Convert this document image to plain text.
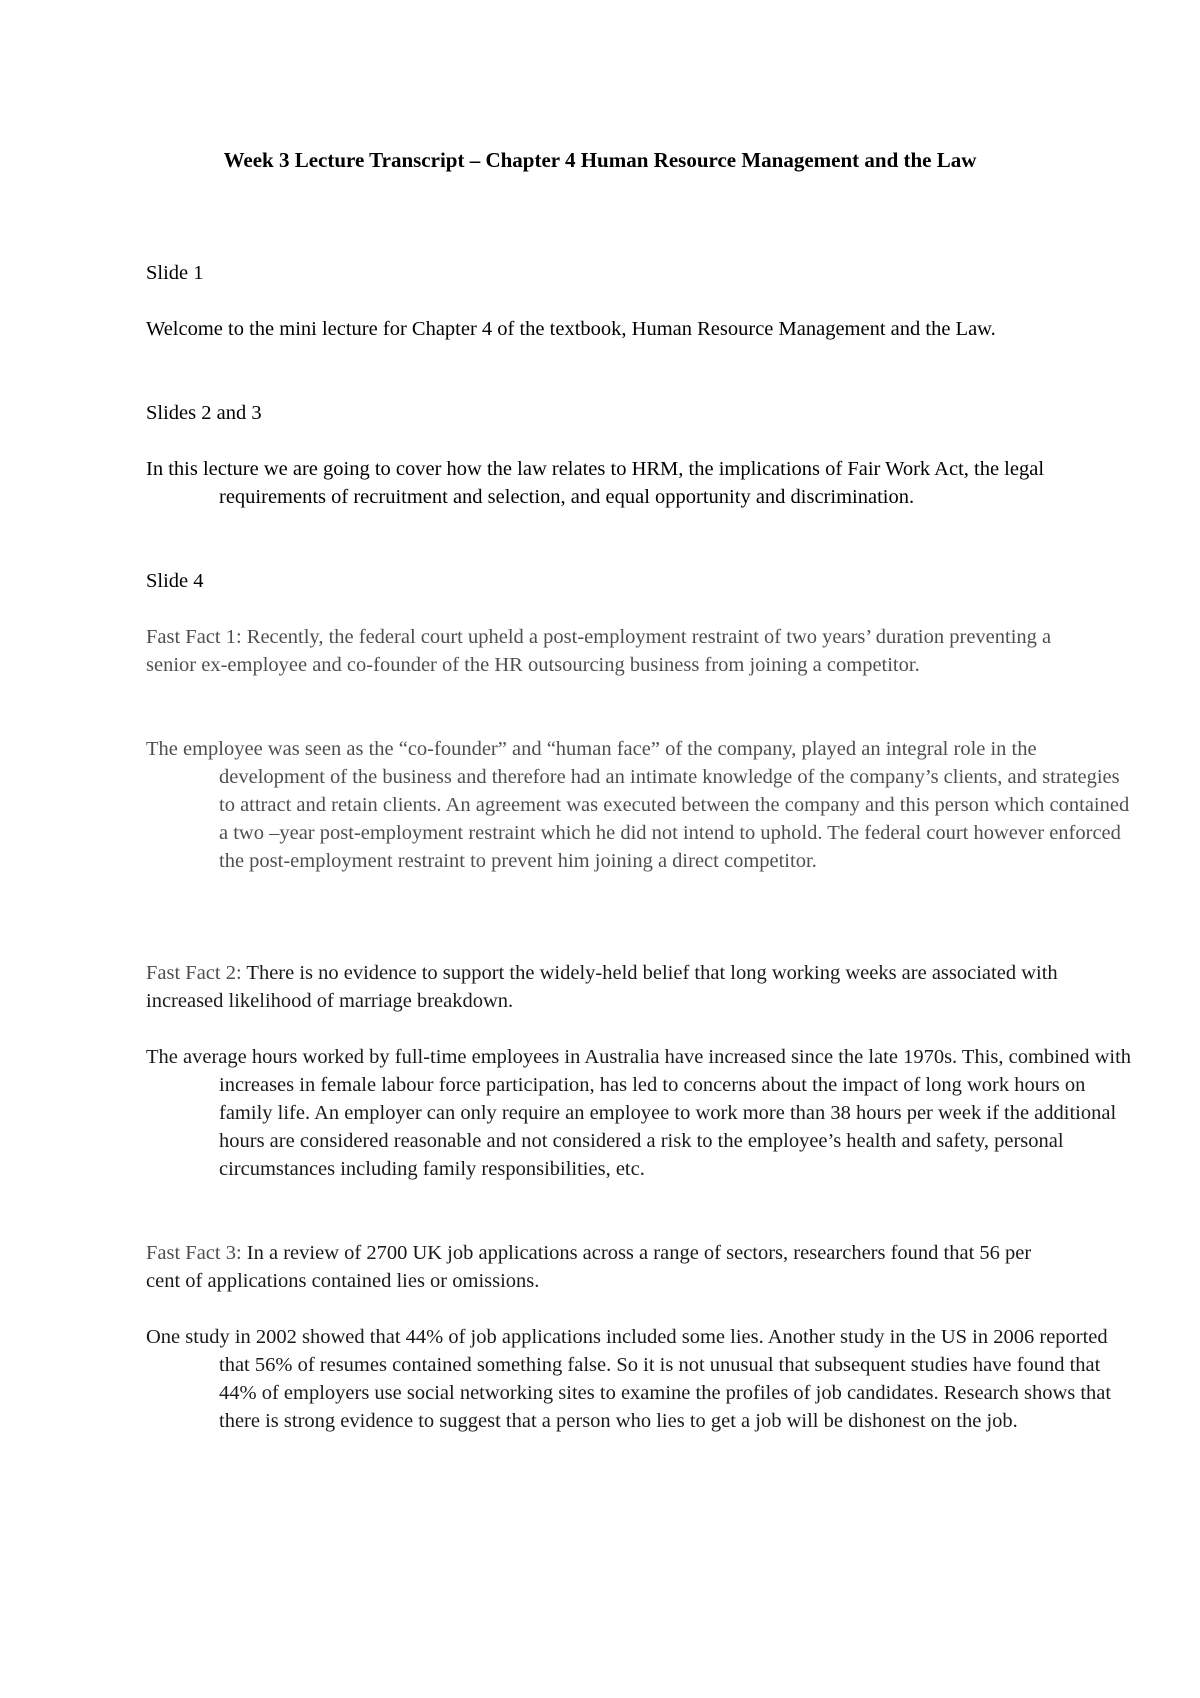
Week 3 Lecture Transcript – Chapter 4 Human Resource Management and the Law

Slide 1

Welcome to the mini lecture for Chapter 4 of the textbook, Human Resource Management and the Law.

Slides 2 and 3

In this lecture we are going to cover how the law relates to HRM, the implications of Fair Work Act, the legal requirements of recruitment and selection, and equal opportunity and discrimination.

Slide 4

Fast Fact 1: Recently, the federal court upheld a post-employment restraint of two years’ duration preventing a senior ex-employee and co-founder of the HR outsourcing business from joining a competitor.

The employee was seen as the “co-founder” and “human face” of the company, played an integral role in the development of the business and therefore had an intimate knowledge of the company’s clients, and strategies to attract and retain clients. An agreement was executed between the company and this person which contained a two –year post-employment restraint which he did not intend to uphold. The federal court however enforced the post-employment restraint to prevent him joining a direct competitor.

Fast Fact 2: There is no evidence to support the widely-held belief that long working weeks are associated with increased likelihood of marriage breakdown.

The average hours worked by full-time employees in Australia have increased since the late 1970s. This, combined with increases in female labour force participation, has led to concerns about the impact of long work hours on family life. An employer can only require an employee to work more than 38 hours per week if the additional hours are considered reasonable and not considered a risk to the employee’s health and safety, personal circumstances including family responsibilities, etc.

Fast Fact 3: In a review of 2700 UK job applications across a range of sectors, researchers found that 56 per cent of applications contained lies or omissions.

One study in 2002 showed that 44% of job applications included some lies. Another study in the US in 2006 reported that 56% of resumes contained something false. So it is not unusual that subsequent studies have found that 44% of employers use social networking sites to examine the profiles of job candidates. Research shows that there is strong evidence to suggest that a person who lies to get a job will be dishonest on the job.
